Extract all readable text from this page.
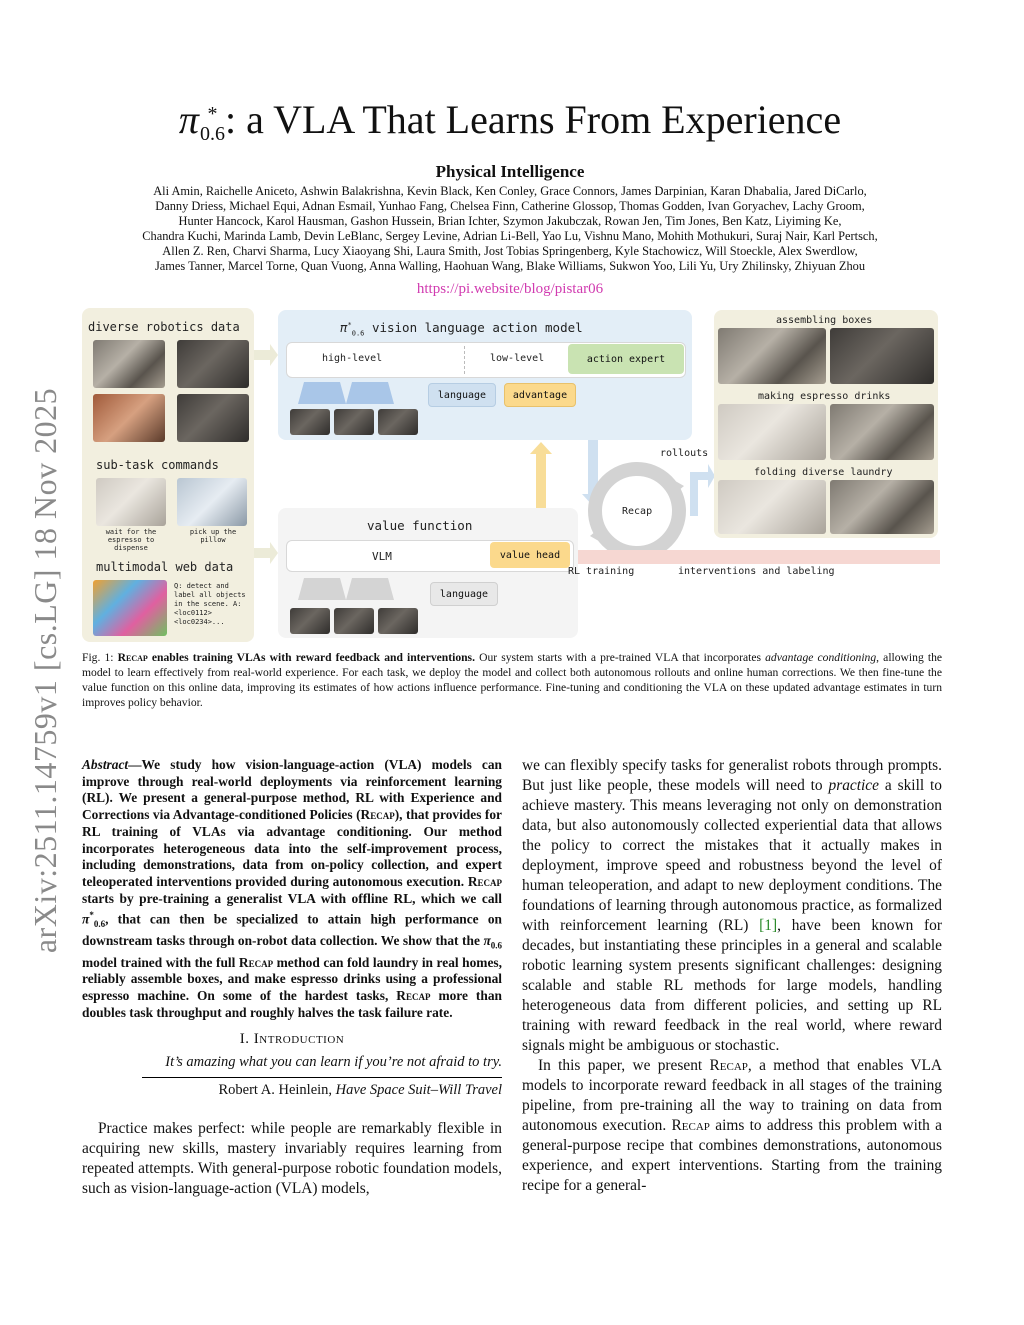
arXiv:2511.14759v1 [cs.LG] 18 Nov 2025
π *
0.6 : a VLA That Learns From Experience
Physical Intelligence
Ali Amin, Raichelle Aniceto, Ashwin Balakrishna, Kevin Black, Ken Conley, Grace Connors, James Darpinian, Karan Dhabalia, Jared DiCarlo,
Danny Driess, Michael Equi, Adnan Esmail, Yunhao Fang, Chelsea Finn, Catherine Glossop, Thomas Godden, Ivan Goryachev, Lachy Groom,
Hunter Hancock, Karol Hausman, Gashon Hussein, Brian Ichter, Szymon Jakubczak, Rowan Jen, Tim Jones, Ben Katz, Liyiming Ke,
Chandra Kuchi, Marinda Lamb, Devin LeBlanc, Sergey Levine, Adrian Li-Bell, Yao Lu, Vishnu Mano, Mohith Mothukuri, Suraj Nair, Karl Pertsch,
Allen Z. Ren, Charvi Sharma, Lucy Xiaoyang Shi, Laura Smith, Jost Tobias Springenberg, Kyle Stachowicz, Will Stoeckle, Alex Swerdlow,
James Tanner, Marcel Torne, Quan Vuong, Anna Walling, Haohuan Wang, Blake Williams, Sukwon Yoo, Lili Yu, Ury Zhilinsky, Zhiyuan Zhou
https://pi.website/blog/pistar06
diverse robotics data
sub-task commands
wait for the espresso to dispense
pick up the pillow
multimodal web data
Q: detect and label all objects in the scene. A: <loc0112> <loc0234>...
$\pi^*_{0.6}$ vision language action model
high-level	low-level	action expert
language	advantage
value function
VLM	value head
language
Recap
rollouts
RL training	interventions and labeling
assembling boxes
making espresso drinks
folding diverse laundry
Fig. 1: Recap enables training VLAs with reward feedback and interventions. Our system starts with a pre-trained VLA that incorporates advantage conditioning, allowing the model to learn effectively from real-world experience. For each task, we deploy the model and collect both autonomous rollouts and online human corrections. We then fine-tune the value function on this online data, improving its estimates of how actions influence performance. Fine-tuning and conditioning the VLA on these updated advantage estimates in turn improves policy behavior.

Abstract—We study how vision-language-action (VLA) models can improve through real-world deployments via reinforcement learning (RL). We present a general-purpose method, RL with Experience and Corrections via Advantage-conditioned Policies (Recap), that provides for RL training of VLAs via advantage conditioning. Our method incorporates heterogeneous data into the self-improvement process, including demonstrations, data from on-policy collection, and expert teleoperated interventions provided during autonomous execution. Recap starts by pre-training a generalist VLA with offline RL, which we call $\pi^*_{0.6}$, that can then be specialized to attain high performance on downstream tasks through on-robot data collection. We show that the $\pi_{0.6}$ model trained with the full Recap method can fold laundry in real homes, reliably assemble boxes, and make espresso drinks using a professional espresso machine. On some of the hardest tasks, Recap more than doubles task throughput and roughly halves the task failure rate.

I. Introduction

It’s amazing what you can learn if you’re not afraid to try.

Robert A. Heinlein, Have Space Suit–Will Travel

Practice makes perfect: while people are remarkably flexible in acquiring new skills, mastery invariably requires learning from repeated attempts. With general-purpose robotic foundation models, such as vision-language-action (VLA) models,

we can flexibly specify tasks for generalist robots through prompts. But just like people, these models will need to practice a skill to achieve mastery. This means leveraging not only on demonstration data, but also autonomously collected experiential data that allows the policy to correct the mistakes that it actually makes in deployment, improve speed and robustness beyond the level of human teleoperation, and adapt to new deployment conditions. The foundations of learning through autonomous practice, as formalized with reinforcement learning (RL) [1], have been known for decades, but instantiating these principles in a general and scalable robotic learning system presents significant challenges: designing scalable and stable RL methods for large models, handling heterogeneous data from different policies, and setting up RL training with reward feedback in the real world, where reward signals might be ambiguous or stochastic.

In this paper, we present Recap, a method that enables VLA models to incorporate reward feedback in all stages of the training pipeline, from pre-training all the way to training on data from autonomous execution. Recap aims to address this problem with a general-purpose recipe that combines demonstrations, autonomous experience, and expert interventions. Starting from the training recipe for a general-
